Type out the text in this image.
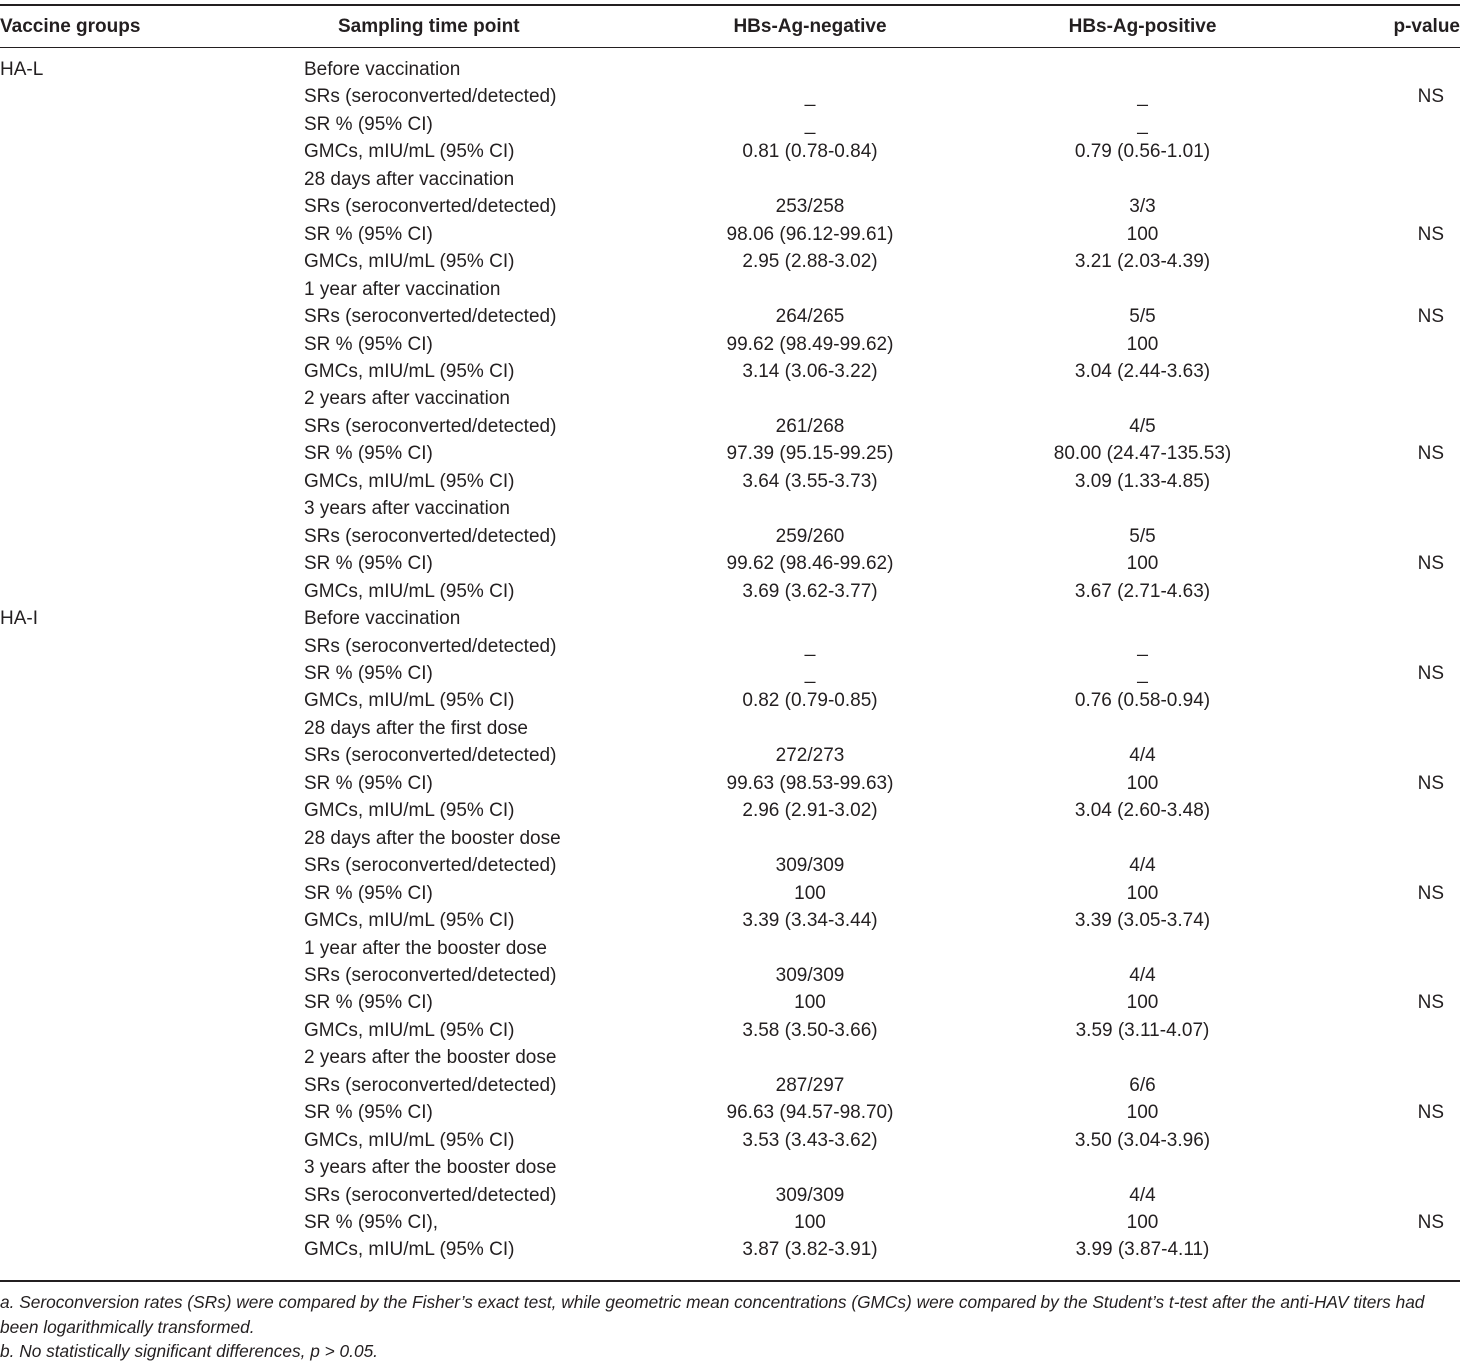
Vaccine groups	Sampling time point	HBs-Ag-negative	HBs-Ag-positive	p-value
HA-L	Before vaccination			
	SRs (seroconverted/detected)	_	_	NS
	SR % (95% CI)	_	_	
	GMCs, mIU/mL (95% CI)	0.81 (0.78-0.84)	0.79 (0.56-1.01)	
	28 days after vaccination			
	SRs (seroconverted/detected)	253/258	3/3	
	SR % (95% CI)	98.06 (96.12-99.61)	100	NS
	GMCs, mIU/mL (95% CI)	2.95 (2.88-3.02)	3.21 (2.03-4.39)	
	1 year after vaccination			
	SRs (seroconverted/detected)	264/265	5/5	NS
	SR % (95% CI)	99.62 (98.49-99.62)	100	
	GMCs, mIU/mL (95% CI)	3.14 (3.06-3.22)	3.04 (2.44-3.63)	
	2 years after vaccination			
	SRs (seroconverted/detected)	261/268	4/5	
	SR % (95% CI)	97.39 (95.15-99.25)	80.00 (24.47-135.53)	NS
	GMCs, mIU/mL (95% CI)	3.64 (3.55-3.73)	3.09 (1.33-4.85)	
	3 years after vaccination			
	SRs (seroconverted/detected)	259/260	5/5	
	SR % (95% CI)	99.62 (98.46-99.62)	100	NS
	GMCs, mIU/mL (95% CI)	3.69 (3.62-3.77)	3.67 (2.71-4.63)	
HA-I	Before vaccination			
	SRs (seroconverted/detected)	_	_	
	SR % (95% CI)	_	_	NS
	GMCs, mIU/mL (95% CI)	0.82 (0.79-0.85)	0.76 (0.58-0.94)	
	28 days after the first dose			
	SRs (seroconverted/detected)	272/273	4/4	
	SR % (95% CI)	99.63 (98.53-99.63)	100	NS
	GMCs, mIU/mL (95% CI)	2.96 (2.91-3.02)	3.04 (2.60-3.48)	
	28 days after the booster dose			
	SRs (seroconverted/detected)	309/309	4/4	
	SR % (95% CI)	100	100	NS
	GMCs, mIU/mL (95% CI)	3.39 (3.34-3.44)	3.39 (3.05-3.74)	
	1 year after the booster dose			
	SRs (seroconverted/detected)	309/309	4/4	
	SR % (95% CI)	100	100	NS
	GMCs, mIU/mL (95% CI)	3.58 (3.50-3.66)	3.59 (3.11-4.07)	
	2 years after the booster dose			
	SRs (seroconverted/detected)	287/297	6/6	
	SR % (95% CI)	96.63 (94.57-98.70)	100	NS
	GMCs, mIU/mL (95% CI)	3.53 (3.43-3.62)	3.50 (3.04-3.96)	
	3 years after the booster dose			
	SRs (seroconverted/detected)	309/309	4/4	
	SR % (95% CI),	100	100	NS
	GMCs, mIU/mL (95% CI)	3.87 (3.82-3.91)	3.99 (3.87-4.11)	

a. Seroconversion rates (SRs) were compared by the Fisher’s exact test, while geometric mean concentrations (GMCs) were compared by the Student’s t-test after the anti-HAV titers had been logarithmically transformed.

b. No statistically significant differences, p > 0.05.
